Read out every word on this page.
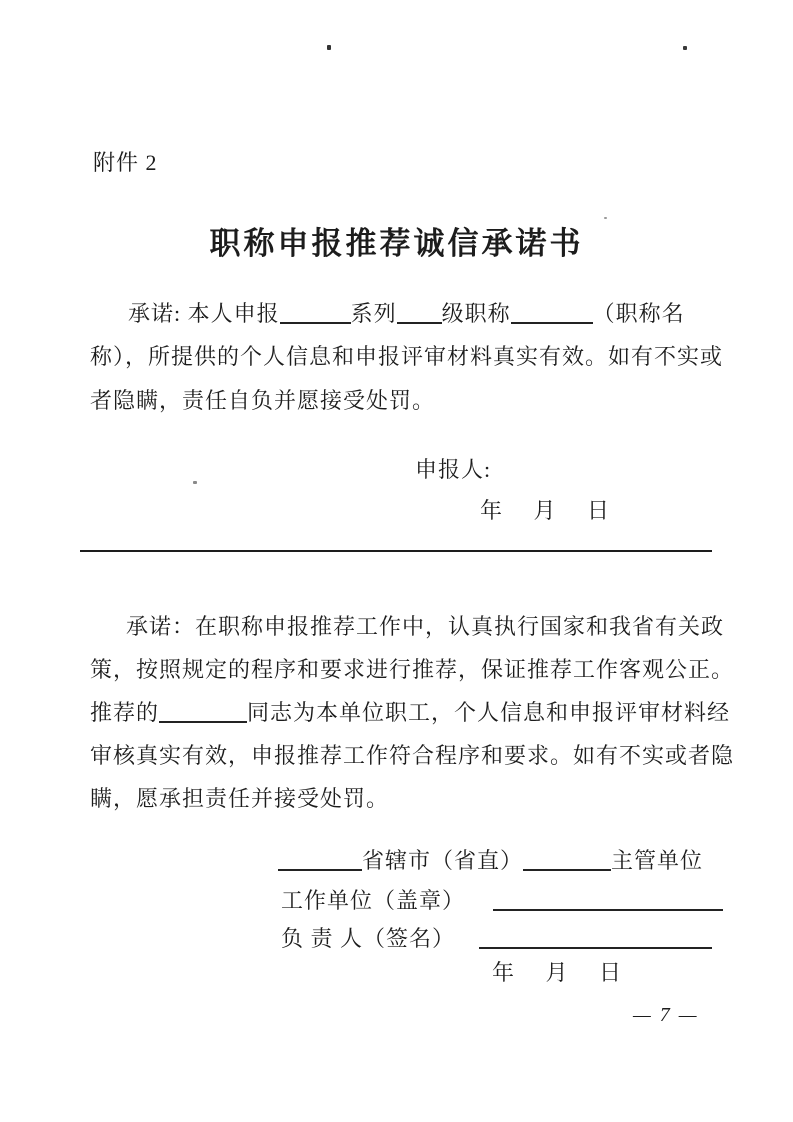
附件 2
职称申报推荐诚信承诺书
承诺: 本人申报	系列 级职称	（职称名
称），所提供的个人信息和申报评审材料真实有效。如有不实或
者隐瞒，责任自负并愿接受处罚。
申报人:
年 月 日
承诺：在职称申报推荐工作中，认真执行国家和我省有关政
策，按照规定的程序和要求进行推荐，保证推荐工作客观公正。
推荐的	同志为本单位职工，个人信息和申报评审材料经
审核真实有效，申报推荐工作符合程序和要求。如有不实或者隐
瞒，愿承担责任并接受处罚。
省辖市（省直）	主管单位
工作单位（盖章）
负 责 人（签名）
年 月 日
— 7 —
